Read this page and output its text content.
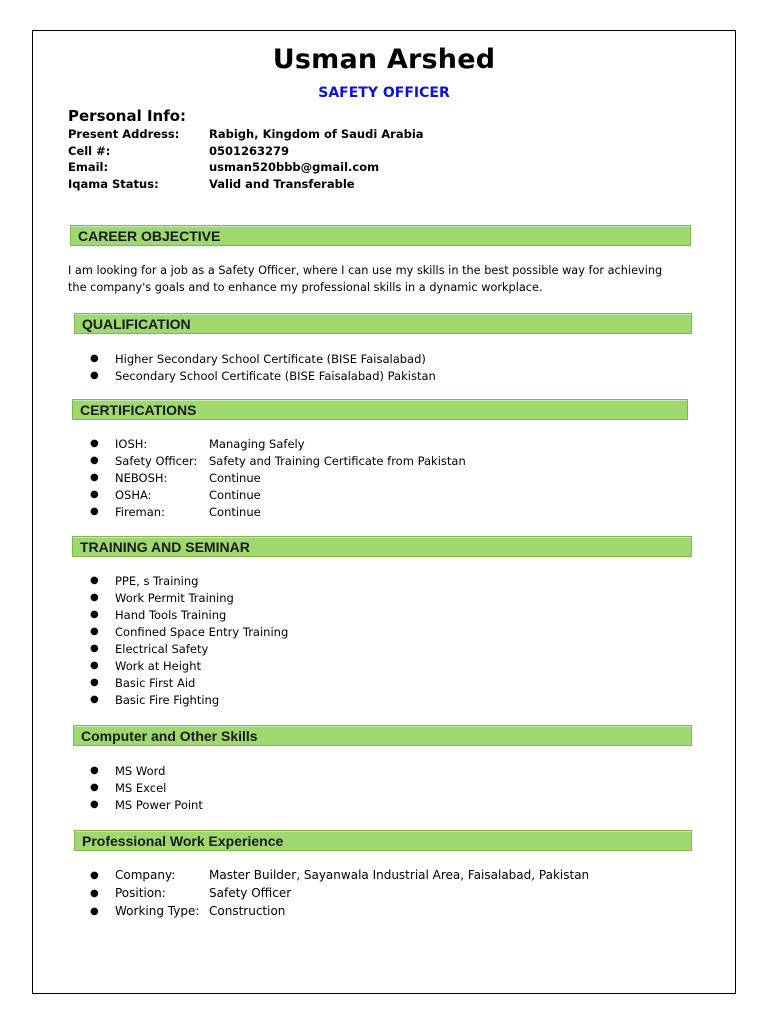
Usman Arshed
SAFETY OFFICER
Personal Info:
Present Address:	Rabigh, Kingdom of Saudi Arabia
Cell #:	0501263279
Email:	usman520bbb@gmail.com
Iqama Status:	Valid and Transferable
CAREER OBJECTIVE
I am looking for a job as a Safety Officer, where I can use my skills in the best possible way for achieving the company's goals and to enhance my professional skills in a dynamic workplace.
QUALIFICATION
●	Higher Secondary School Certificate (BISE Faisalabad)
●	Secondary School Certificate (BISE Faisalabad) Pakistan
CERTIFICATIONS
●	IOSH:	Managing Safely
●	Safety Officer:	Safety and Training Certificate from Pakistan
●	NEBOSH:	Continue
●	OSHA:	Continue
●	Fireman:	Continue
TRAINING AND SEMINAR
●	PPE, s Training
●	Work Permit Training
●	Hand Tools Training
●	Confined Space Entry Training
●	Electrical Safety
●	Work at Height
●	Basic First Aid
●	Basic Fire Fighting
Computer and Other Skills
●	MS Word
●	MS Excel
●	MS Power Point
Professional Work Experience
●	Company:	Master Builder, Sayanwala Industrial Area, Faisalabad, Pakistan
●	Position:	Safety Officer
●	Working Type: Construction
